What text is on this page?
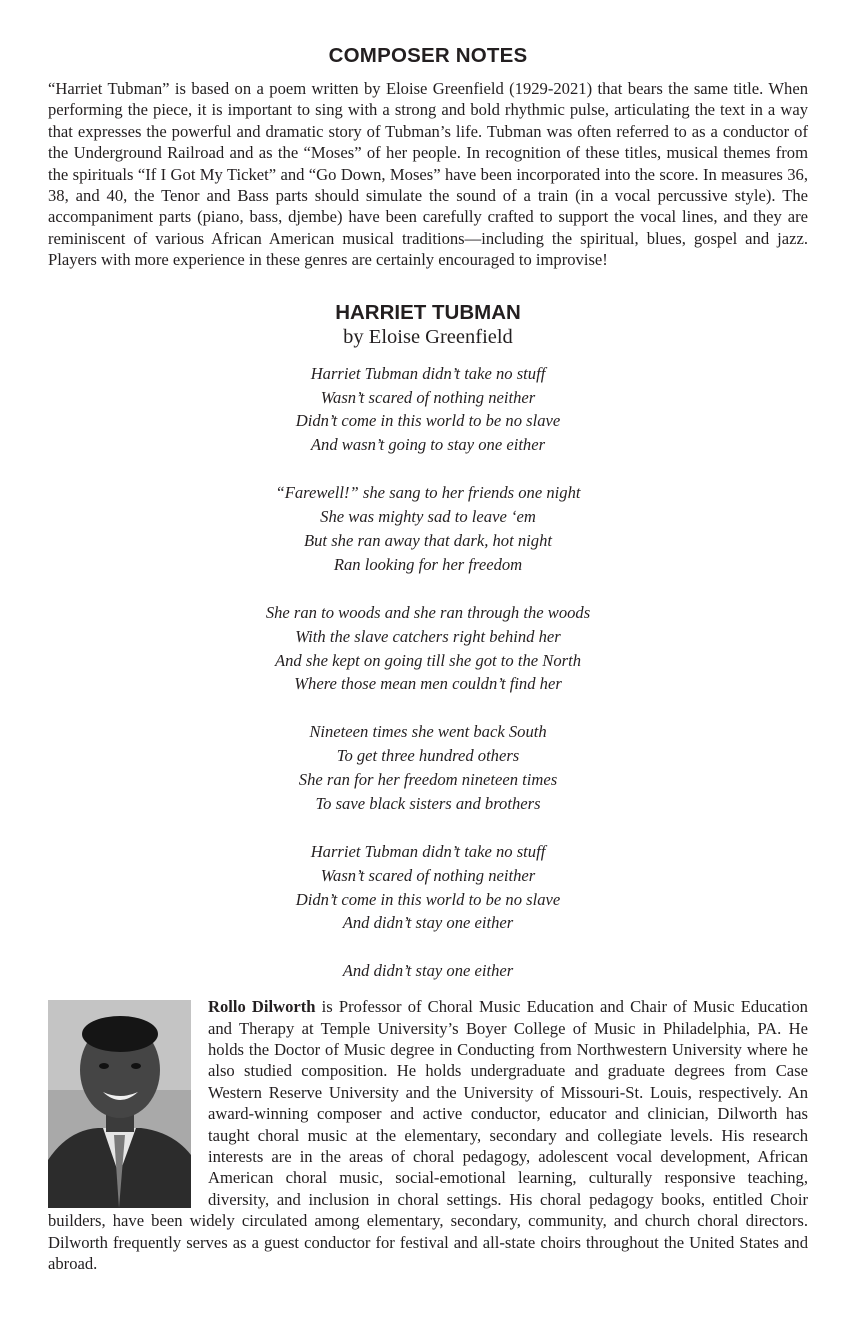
COMPOSER NOTES

“Harriet Tubman” is based on a poem written by Eloise Greenfield (1929-2021) that bears the same title. When performing the piece, it is important to sing with a strong and bold rhythmic pulse, articulating the text in a way that expresses the powerful and dramatic story of Tubman’s life. Tubman was often referred to as a conductor of the Underground Railroad and as the “Moses” of her people. In recognition of these titles, musical themes from the spirituals “If I Got My Ticket” and “Go Down, Moses” have been incorporated into the score. In measures 36, 38, and 40, the Tenor and Bass parts should simulate the sound of a train (in a vocal percussive style). The accompaniment parts (piano, bass, djembe) have been carefully crafted to support the vocal lines, and they are reminiscent of various African American musical traditions—including the spiritual, blues, gospel and jazz. Players with more experience in these genres are certainly encouraged to improvise!

HARRIET TUBMAN
by Eloise Greenfield
Harriet Tubman didn’t take no stuff
Wasn’t scared of nothing neither
Didn’t come in this world to be no slave
And wasn’t going to stay one either
“Farewell!” she sang to her friends one night
She was mighty sad to leave ‘em
But she ran away that dark, hot night
Ran looking for her freedom
She ran to woods and she ran through the woods
With the slave catchers right behind her
And she kept on going till she got to the North
Where those mean men couldn’t find her
Nineteen times she went back South
To get three hundred others
She ran for her freedom nineteen times
To save black sisters and brothers
Harriet Tubman didn’t take no stuff
Wasn’t scared of nothing neither
Didn’t come in this world to be no slave
And didn’t stay one either
And didn’t stay one either
Rollo Dilworth is Professor of Choral Music Education and Chair of Music Education and Therapy at Temple University’s Boyer College of Music in Philadelphia, PA. He holds the Doctor of Music degree in Conducting from Northwestern University where he also studied composition. He holds undergraduate and graduate degrees from Case Western Reserve University and the University of Missouri-St. Louis, respectively. An award-winning composer and active conductor, educator and clinician, Dilworth has taught choral music at the elementary, secondary and collegiate levels. His research interests are in the areas of choral pedagogy, adolescent vocal development, African American choral music, social-emotional learning, culturally responsive teaching, diversity, and inclusion in choral settings. His choral pedagogy books, entitled Choir builders, have been widely circulated among elementary, secondary, community, and church choral directors. Dilworth frequently serves as a guest conductor for festival and all-state choirs throughout the United States and abroad.
